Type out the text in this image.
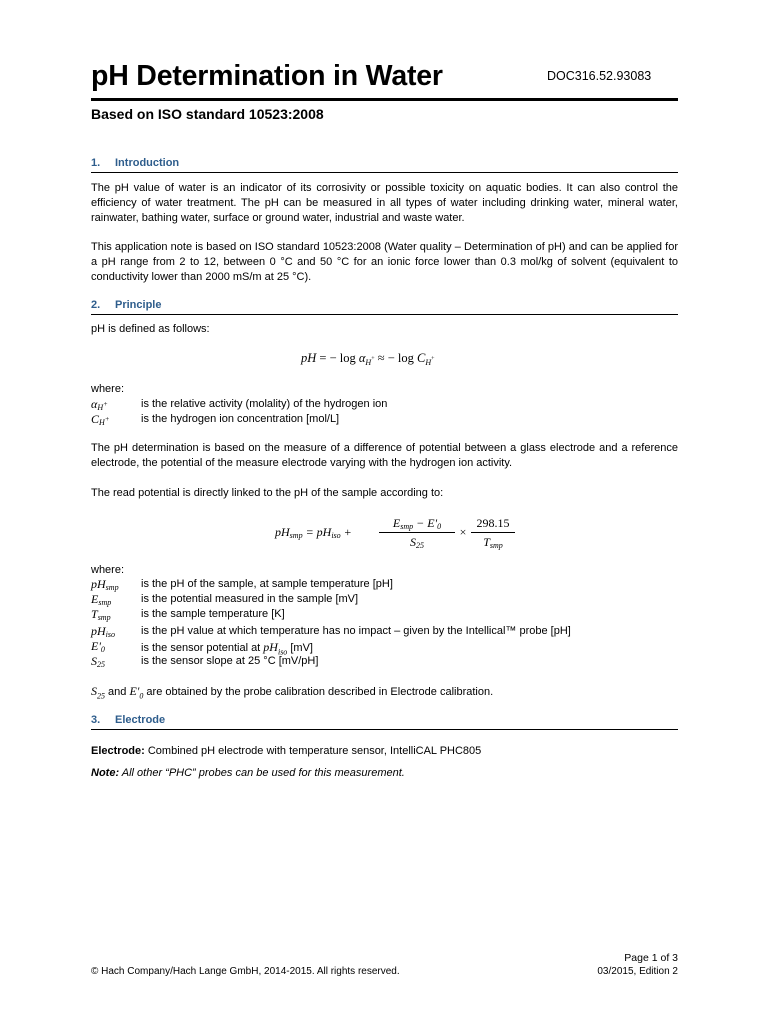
pH Determination in Water	DOC316.52.93083
Based on ISO standard 10523:2008
1. Introduction
The pH value of water is an indicator of its corrosivity or possible toxicity on aquatic bodies. It can also control the efficiency of water treatment. The pH can be measured in all types of water including drinking water, mineral water, rainwater, bathing water, surface or ground water, industrial and waste water.
This application note is based on ISO standard 10523:2008 (Water quality – Determination of pH) and can be applied for a pH range from 2 to 12, between 0 °C and 50 °C for an ionic force lower than 0.3 mol/kg of solvent (equivalent to conductivity lower than 2000 mS/m at 25 °C).
2. Principle
pH is defined as follows:
pH = − $\log \alpha_{H^+}$ ≈ − $\log C_{H^+}$
where:
$\alpha_{H^+}$	is the relative activity (molality) of the hydrogen ion
$C_{H^+}$	is the hydrogen ion concentration [mol/L]
The pH determination is based on the measure of a difference of potential between a glass electrode and a reference electrode, the potential of the measure electrode varying with the hydrogen ion activity.
The read potential is directly linked to the pH of the sample according to:
$pH_{smp} = pH_{iso}$ +
$E_{smp} - E'_0$
$S_{25}$
×
298.15
$T_{smp}$
where:
$pH_{smp}$ is the pH of the sample, at sample temperature [pH]
$E_{smp}$	is the potential measured in the sample [mV]
$T_{smp}$	is the sample temperature [K]
$pH_{iso}$ is the pH value at which temperature has no impact – given by the Intellical™ probe [pH]
$E'_0$	is the sensor potential at $pH_{iso}$ [mV]
$S_{25}$	is the sensor slope at 25 °C [mV/pH]
$S_{25}$ and $E'_0$ are obtained by the probe calibration described in Electrode calibration.
3. Electrode
Electrode: Combined pH electrode with temperature sensor, IntelliCAL PHC805
Note: All other “PHC” probes can be used for this measurement.
© Hach Company/Hach Lange GmbH, 2014-2015. All rights reserved.
Page 1 of 3
03/2015, Edition 2
